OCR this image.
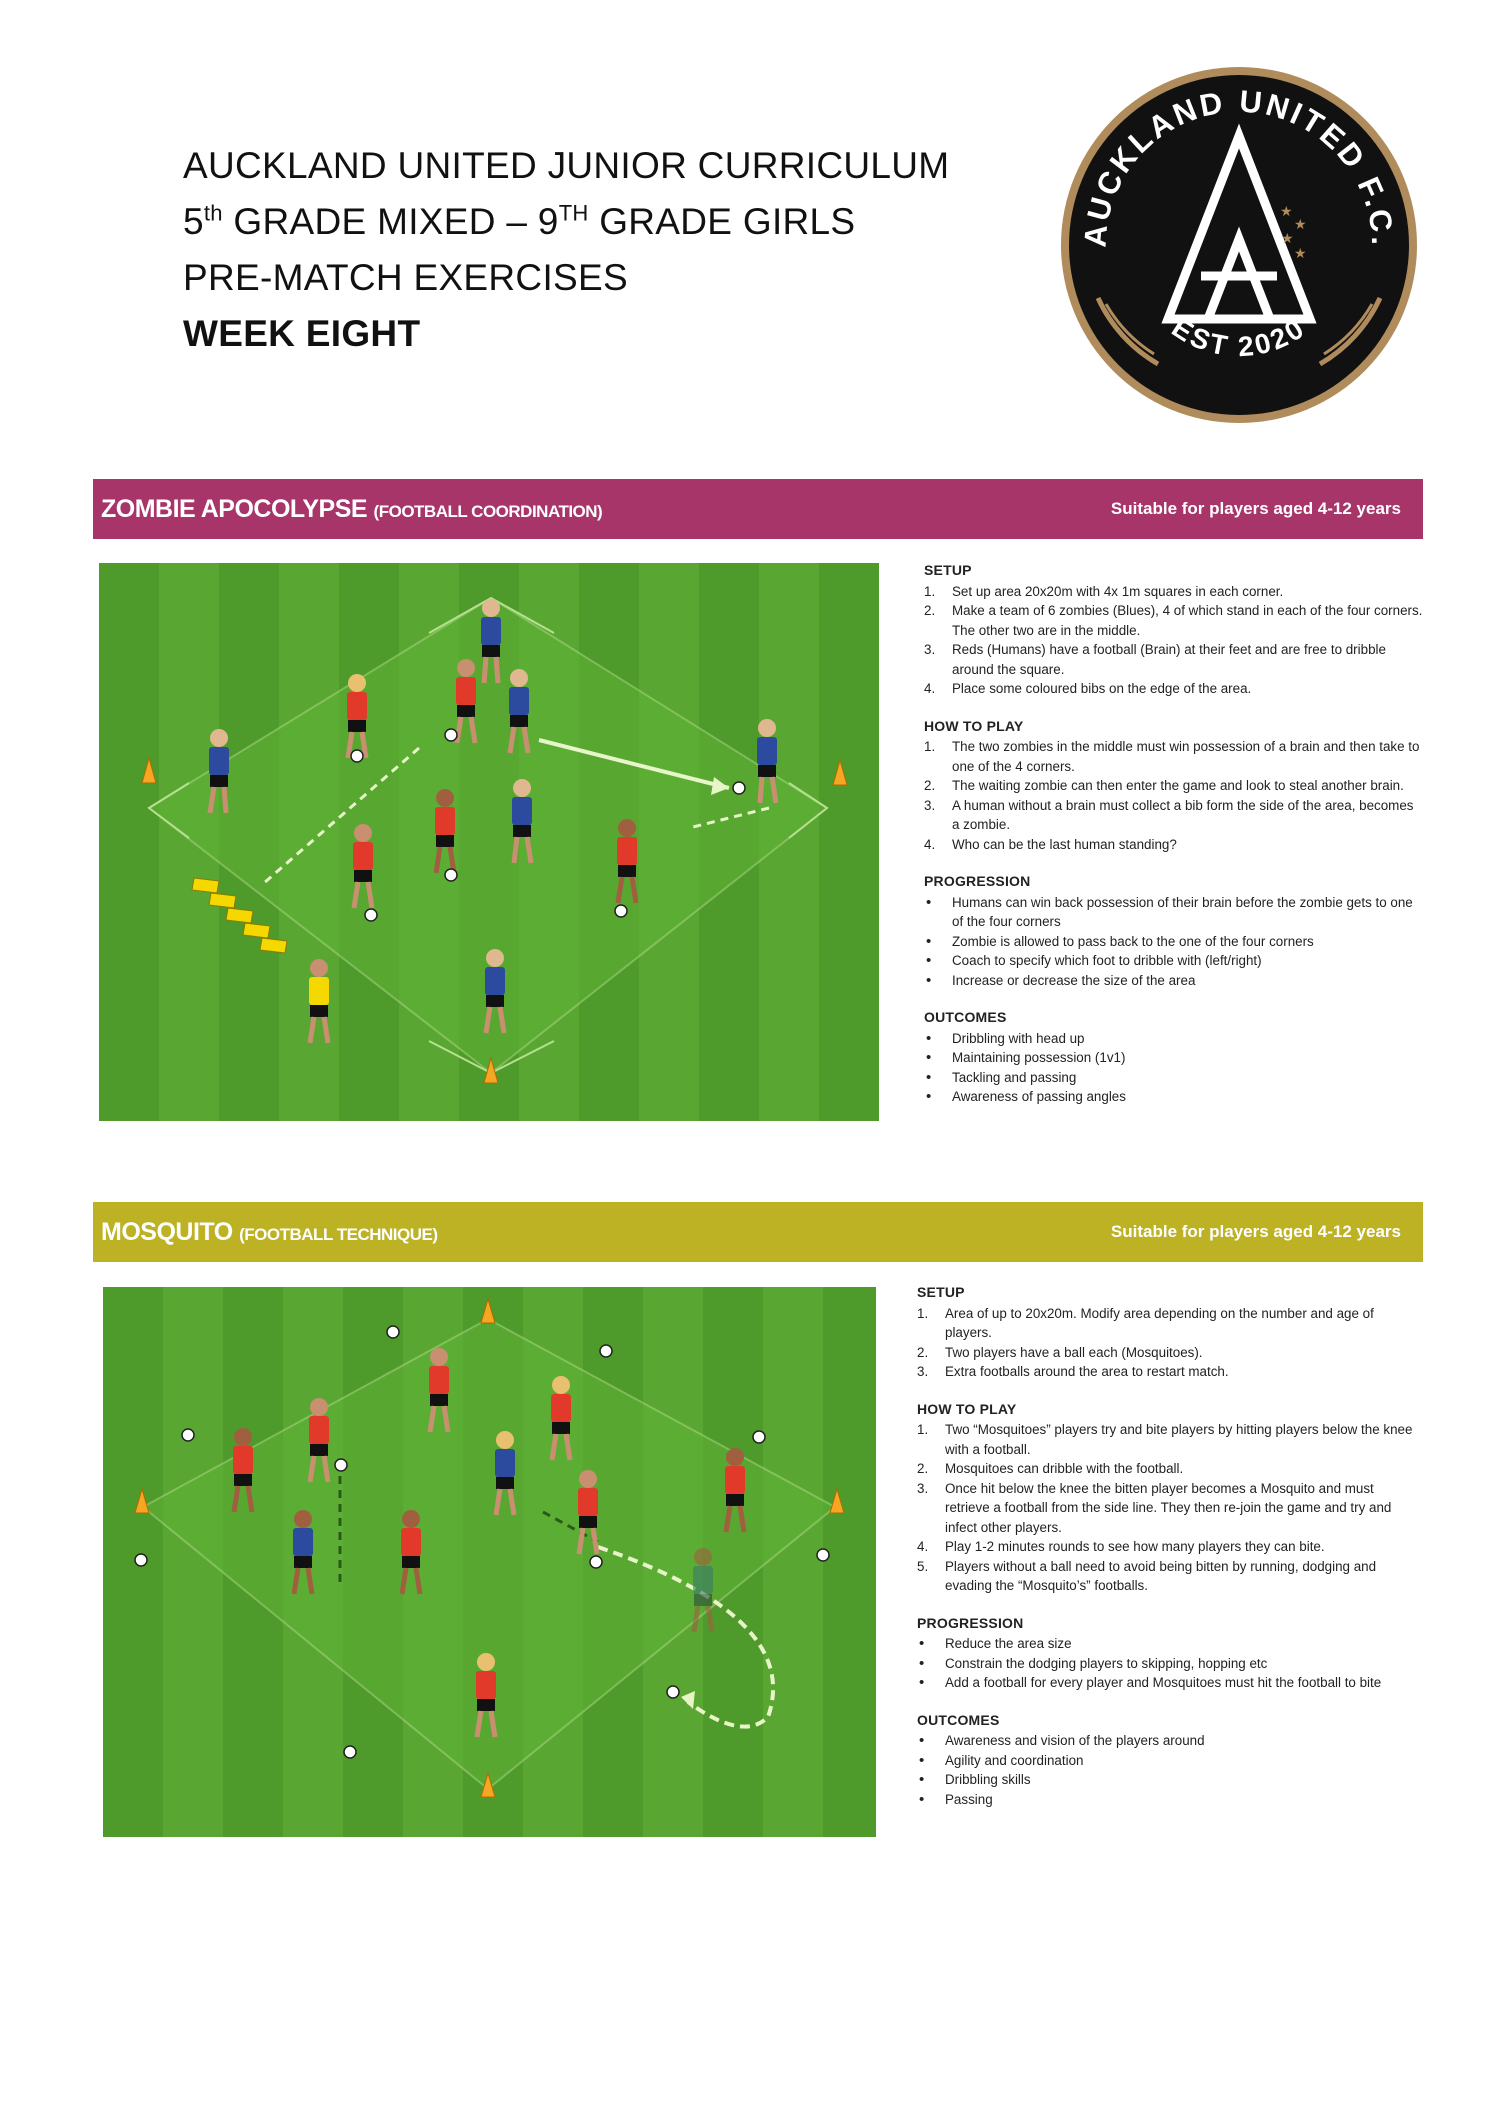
AUCKLAND UNITED JUNIOR CURRICULUM
5th GRADE MIXED – 9TH GRADE GIRLS
PRE-MATCH EXERCISES
WEEK EIGHT
AUCKLAND UNITED F.C.
EST 2020
★
★
★
★
ZOMBIE APOCOLYPSE (FOOTBALL COORDINATION)	Suitable for players aged 4-12 years
SETUP
1. Set up area 20x20m with 4x 1m squares in each corner.
2. Make a team of 6 zombies (Blues), 4 of which stand in each of the four corners. The other two are in the middle.
3. Reds (Humans) have a football (Brain) at their feet and are free to dribble around the square.
4. Place some coloured bibs on the edge of the area.
HOW TO PLAY
1. The two zombies in the middle must win possession of a brain and then take to one of the 4 corners.
2. The waiting zombie can then enter the game and look to steal another brain.
3. A human without a brain must collect a bib form the side of the area, becomes a zombie.
4. Who can be the last human standing?
PROGRESSION
• Humans can win back possession of their brain before the zombie gets to one of the four corners
• Zombie is allowed to pass back to the one of the four corners
• Coach to specify which foot to dribble with (left/right)
• Increase or decrease the size of the area
OUTCOMES
• Dribbling with head up
• Maintaining possession (1v1)
• Tackling and passing
• Awareness of passing angles
MOSQUITO (FOOTBALL TECHNIQUE)	Suitable for players aged 4-12 years
SETUP
1. Area of up to 20x20m. Modify area depending on the number and age of players.
2. Two players have a ball each (Mosquitoes).
3. Extra footballs around the area to restart match.
HOW TO PLAY
1. Two “Mosquitoes” players try and bite players by hitting players below the knee with a football.
2. Mosquitoes can dribble with the football.
3. Once hit below the knee the bitten player becomes a Mosquito and must retrieve a football from the side line. They then re-join the game and try and infect other players.
4. Play 1-2 minutes rounds to see how many players they can bite.
5. Players without a ball need to avoid being bitten by running, dodging and evading the “Mosquito’s” footballs.
PROGRESSION
• Reduce the area size
• Constrain the dodging players to skipping, hopping etc
• Add a football for every player and Mosquitoes must hit the football to bite
OUTCOMES
• Awareness and vision of the players around
• Agility and coordination
• Dribbling skills
• Passing
